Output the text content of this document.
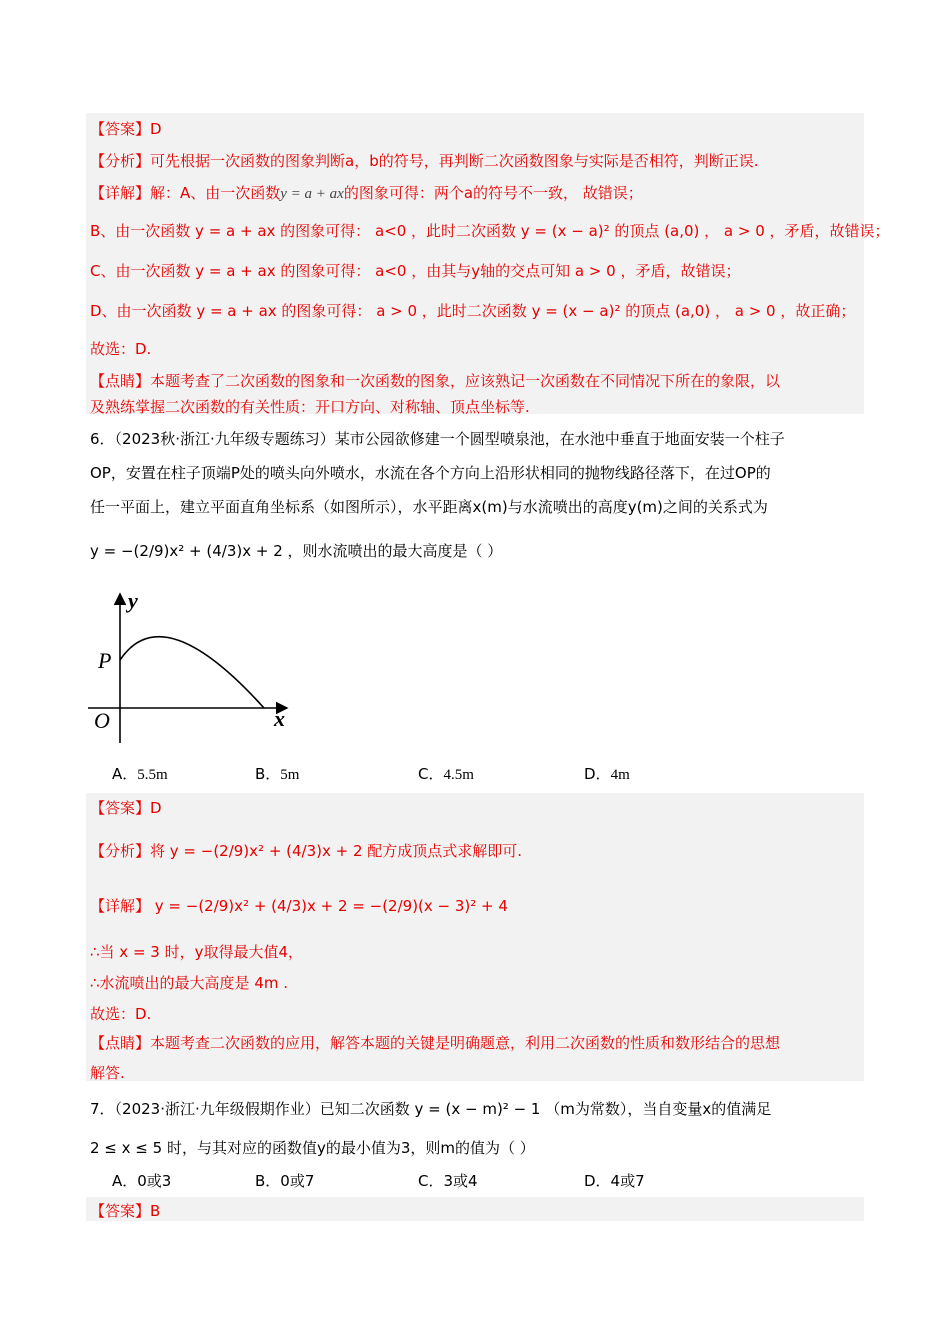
【答案】D
【分析】可先根据一次函数的图象判断a，b的符号，再判断二次函数图象与实际是否相符，判断正误.
【详解】解：A、由一次函数y = a + ax的图象可得：两个a的符号不一致， 故错误；
B、由一次函数 y = a + ax 的图象可得： a<0 ，此时二次函数 y = (x − a)² 的顶点 (a,0) ， a > 0 ，矛盾，故错误；
C、由一次函数 y = a + ax 的图象可得： a<0 ，由其与y轴的交点可知 a > 0 ，矛盾，故错误；
D、由一次函数 y = a + ax 的图象可得： a > 0 ，此时二次函数 y = (x − a)² 的顶点 (a,0) ， a > 0 ，故正确；
故选：D.
【点睛】本题考查了二次函数的图象和一次函数的图象，应该熟记一次函数在不同情况下所在的象限，以
及熟练掌握二次函数的有关性质：开口方向、对称轴、顶点坐标等.
6．（2023秋·浙江·九年级专题练习）某市公园欲修建一个圆型喷泉池，在水池中垂直于地面安装一个柱子
OP，安置在柱子顶端P处的喷头向外喷水，水流在各个方向上沿形状相同的抛物线路径落下，在过OP的
任一平面上，建立平面直角坐标系（如图所示），水平距离x(m)与水流喷出的高度y(m)之间的关系式为
y = −(2/9)x² + (4/3)x + 2 ，则水流喷出的最大高度是（ ）
y
x
O
P
A．5.5m	B．5m	C．4.5m	D．4m
【答案】D
【分析】将 y = −(2/9)x² + (4/3)x + 2 配方成顶点式求解即可.
【详解】 y = −(2/9)x² + (4/3)x + 2 = −(2/9)(x − 3)² + 4
∴当 x = 3 时，y取得最大值4，
∴水流喷出的最大高度是 4m .
故选：D.
【点睛】本题考查二次函数的应用，解答本题的关键是明确题意，利用二次函数的性质和数形结合的思想
解答.
7．（2023·浙江·九年级假期作业）已知二次函数 y = (x − m)² − 1 （m为常数），当自变量x的值满足
2 ≤ x ≤ 5 时，与其对应的函数值y的最小值为3，则m的值为（ ）
A．0或3	B．0或7	C．3或4	D．4或7
【答案】B
